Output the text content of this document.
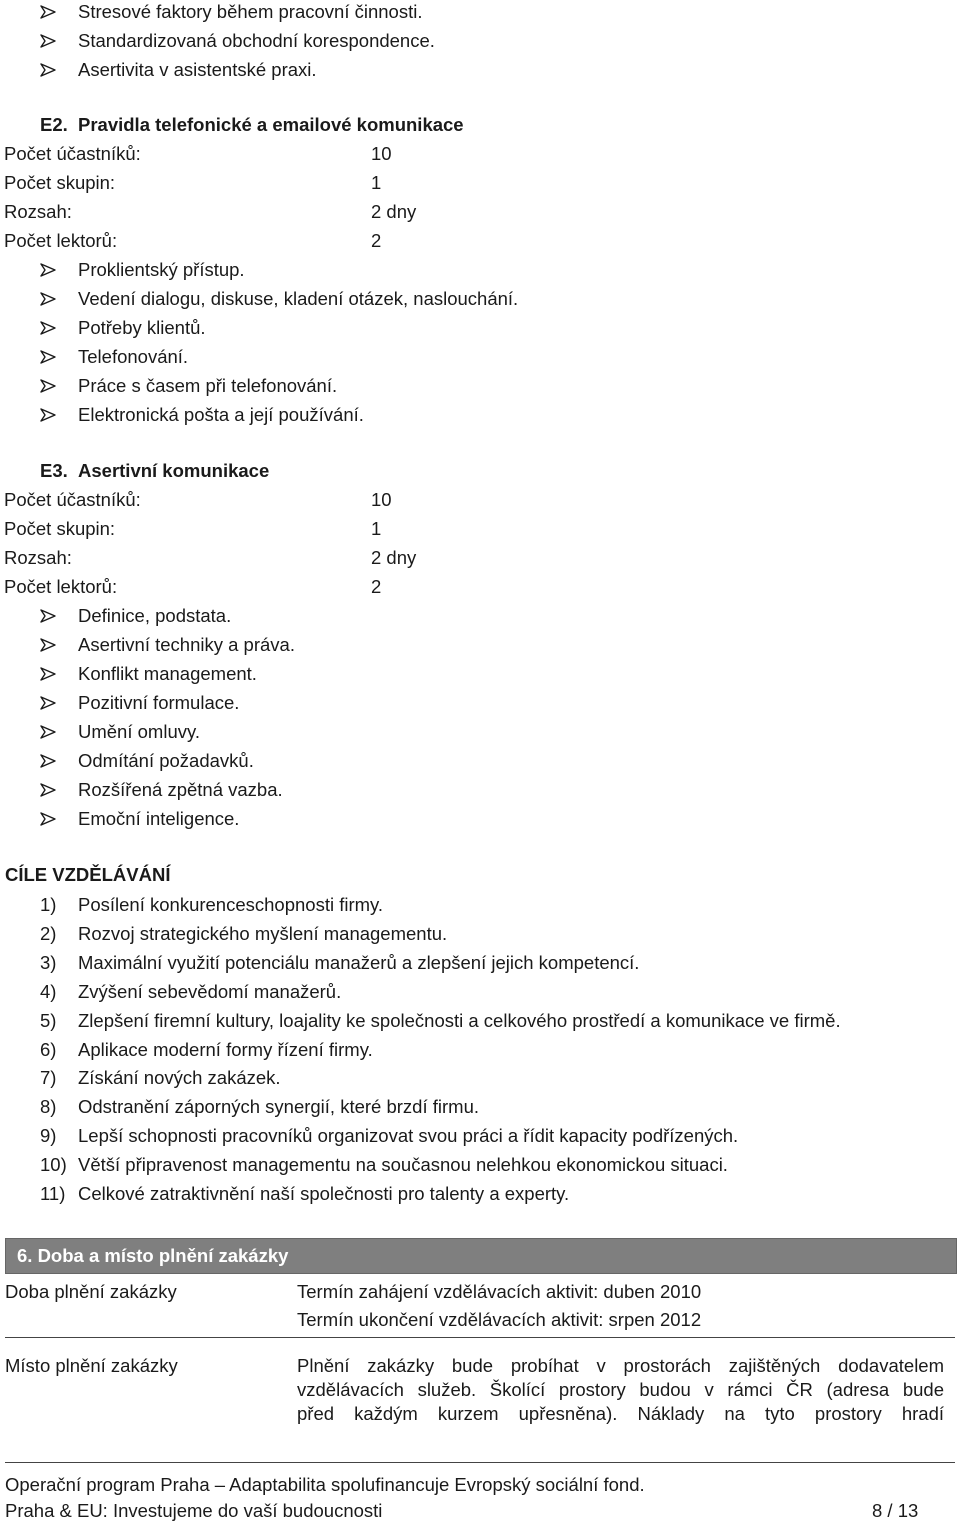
Stresové faktory během pracovní činnosti.
Standardizovaná obchodní korespondence.
Asertivita v asistentské praxi.
E2. Pravidla telefonické a emailové komunikace
Počet účastníků:	10
Počet skupin:	1
Rozsah:	2 dny
Počet lektorů:	2
Proklientský přístup.
Vedení dialogu, diskuse, kladení otázek, naslouchání.
Potřeby klientů.
Telefonování.
Práce s časem při telefonování.
Elektronická pošta a její používání.
E3. Asertivní komunikace
Počet účastníků:	10
Počet skupin:	1
Rozsah:	2 dny
Počet lektorů:	2
Definice, podstata.
Asertivní techniky a práva.
Konflikt management.
Pozitivní formulace.
Umění omluvy.
Odmítání požadavků.
Rozšířená zpětná vazba.
Emoční inteligence.
CÍLE VZDĚLÁVÁNÍ
1) Posílení konkurenceschopnosti firmy.
2) Rozvoj strategického myšlení managementu.
3) Maximální využití potenciálu manažerů a zlepšení jejich kompetencí.
4) Zvýšení sebevědomí manažerů.
5) Zlepšení firemní kultury, loajality ke společnosti a celkového prostředí a komunikace ve firmě.
6) Aplikace moderní formy řízení firmy.
7) Získání nových zakázek.
8) Odstranění záporných synergií, které brzdí firmu.
9) Lepší schopnosti pracovníků organizovat svou práci a řídit kapacity podřízených.
10) Větší připravenost managementu na současnou nelehkou ekonomickou situaci.
11) Celkové zatraktivnění naší společnosti pro talenty a experty.
6. Doba a místo plnění zakázky
Doba plnění zakázky	Termín zahájení vzdělávacích aktivit: duben 2010
Termín ukončení vzdělávacích aktivit: srpen 2012
Místo plnění zakázky	Plnění zakázky bude probíhat v prostorách zajištěných dodavatelem
vzdělávacích služeb. Školící prostory budou v rámci ČR (adresa bude
před každým kurzem upřesněna). Náklady na tyto prostory hradí
Operační program Praha – Adaptabilita spolufinancuje Evropský sociální fond.
Praha & EU: Investujeme do vaší budoucnosti	8 / 13
